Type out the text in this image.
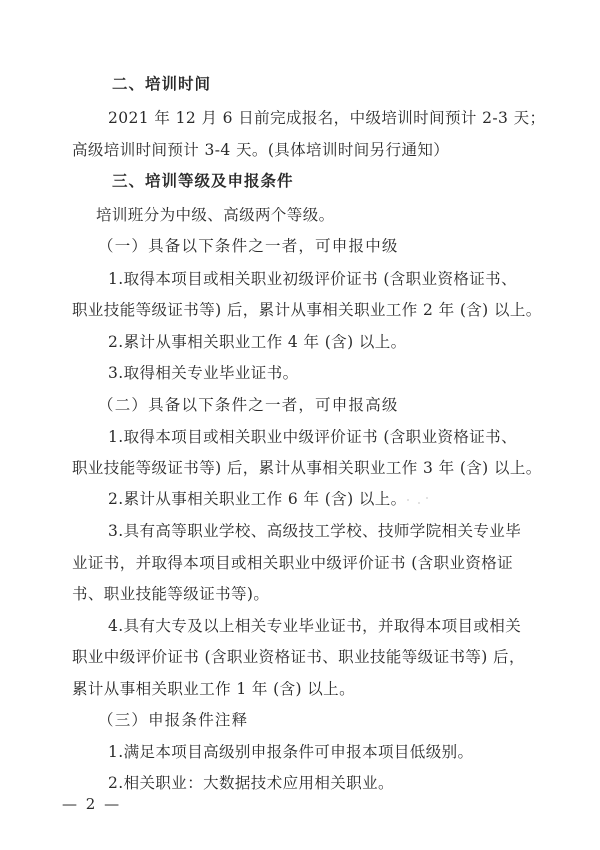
二、培训时间
2021 年 12 月 6 日前完成报名，中级培训时间预计 2-3 天；
高级培训时间预计 3-4 天。(具体培训时间另行通知）
三、培训等级及申报条件
培训班分为中级、高级两个等级。
（一）具备以下条件之一者，可申报中级
1.取得本项目或相关职业初级评价证书 (含职业资格证书、
职业技能等级证书等) 后，累计从事相关职业工作 2 年 (含) 以上。
2.累计从事相关职业工作 4 年 (含) 以上。
3.取得相关专业毕业证书。
（二）具备以下条件之一者，可申报高级
1.取得本项目或相关职业中级评价证书 (含职业资格证书、
职业技能等级证书等) 后，累计从事相关职业工作 3 年 (含) 以上。
2.累计从事相关职业工作 6 年 (含) 以上。
3.具有高等职业学校、高级技工学校、技师学院相关专业毕
业证书，并取得本项目或相关职业中级评价证书 (含职业资格证
书、职业技能等级证书等)。
4.具有大专及以上相关专业毕业证书，并取得本项目或相关
职业中级评价证书 (含职业资格证书、职业技能等级证书等) 后，
累计从事相关职业工作 1 年 (含) 以上。
（三）申报条件注释
1.满足本项目高级别申报条件可申报本项目低级别。
2.相关职业：大数据技术应用相关职业。
— 2 —
